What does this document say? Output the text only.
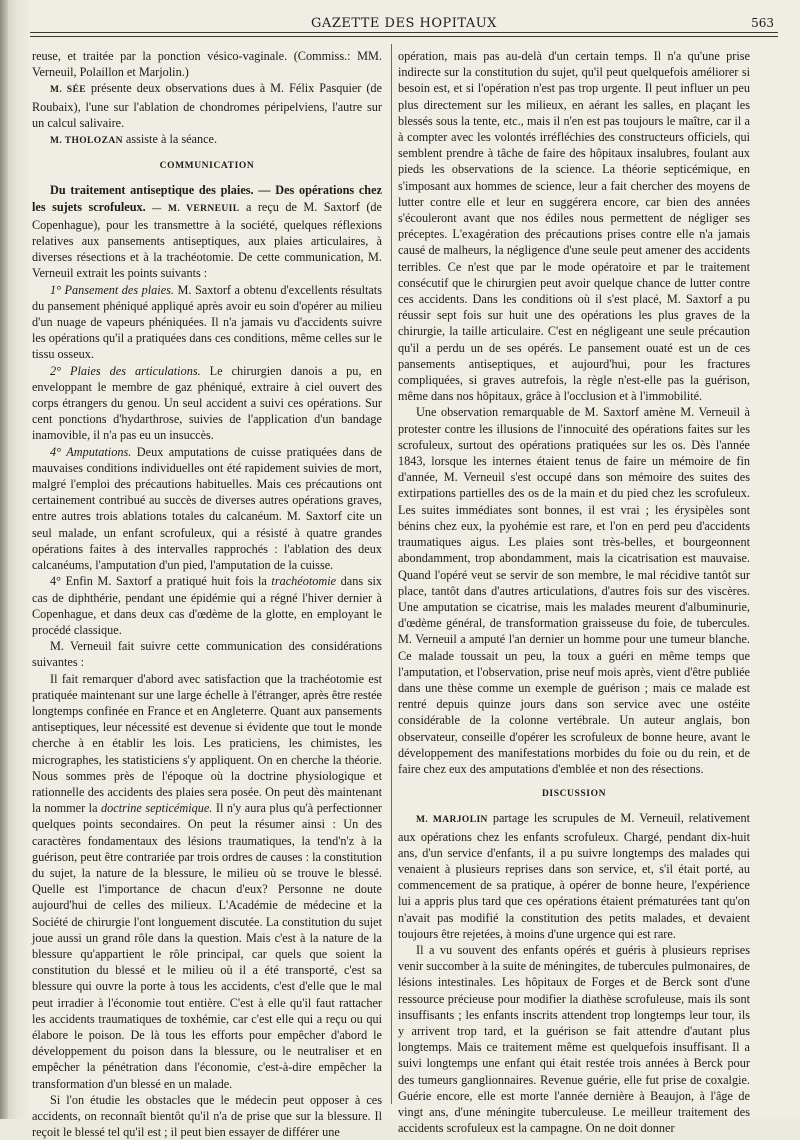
GAZETTE DES HOPITAUX	563

reuse, et traitée par la ponction vésico-vaginale. (Commiss.: MM. Verneuil, Polaillon et Marjolin.)

M. SÉE présente deux observations dues à M. Félix Pasquier (de Roubaix), l'une sur l'ablation de chondromes péripelviens, l'autre sur un calcul salivaire.

M. THOLOZAN assiste à la séance.

COMMUNICATION

Du traitement antiseptique des plaies. — Des opérations chez les sujets scrofuleux. — M. VERNEUIL a reçu de M. Saxtorf (de Copenhague), pour les transmettre à la société, quelques réflexions relatives aux pansements antiseptiques, aux plaies articulaires, à diverses résections et à la trachéotomie. De cette communication, M. Verneuil extrait les points suivants :

1° Pansement des plaies. M. Saxtorf a obtenu d'excellents résultats du pansement phéniqué appliqué après avoir eu soin d'opérer au milieu d'un nuage de vapeurs phéniquées. Il n'a jamais vu d'accidents suivre les opérations qu'il a pratiquées dans ces conditions, même celles sur le tissu osseux.

2° Plaies des articulations. Le chirurgien danois a pu, en enveloppant le membre de gaz phéniqué, extraire à ciel ouvert des corps étrangers du genou. Un seul accident a suivi ces opérations. Sur cent ponctions d'hydarthrose, suivies de l'application d'un bandage inamovible, il n'a pas eu un insuccès.

4° Amputations. Deux amputations de cuisse pratiquées dans de mauvaises conditions individuelles ont été rapidement suivies de mort, malgré l'emploi des précautions habituelles. Mais ces précautions ont certainement contribué au succès de diverses autres opérations graves, entre autres trois ablations totales du calcanéum. M. Saxtorf cite un seul malade, un enfant scrofuleux, qui a résisté à quatre grandes opérations faites à des intervalles rapprochés : l'ablation des deux calcanéums, l'amputation d'un pied, l'amputation de la cuisse.

4° Enfin M. Saxtorf a pratiqué huit fois la trachéotomie dans six cas de diphthérie, pendant une épidémie qui a régné l'hiver dernier à Copenhague, et dans deux cas d'œdème de la glotte, en employant le procédé classique.

M. Verneuil fait suivre cette communication des considérations suivantes :

Il fait remarquer d'abord avec satisfaction que la trachéotomie est pratiquée maintenant sur une large échelle à l'étranger, après être restée longtemps confinée en France et en Angleterre. Quant aux pansements antiseptiques, leur nécessité est devenue si évidente que tout le monde cherche à en établir les lois. Les praticiens, les chimistes, les micrographes, les statisticiens s'y appliquent. On en cherche la théorie. Nous sommes près de l'époque où la doctrine physiologique et rationnelle des accidents des plaies sera posée. On peut dès maintenant la nommer la doctrine septicémique. Il n'y aura plus qu'à perfectionner quelques points secondaires. On peut la résumer ainsi : Un des caractères fondamentaux des lésions traumatiques, la tend'n'z à la guérison, peut être contrariée par trois ordres de causes : la constitution du sujet, la nature de la blessure, le milieu où se trouve le blessé. Quelle est l'importance de chacun d'eux? Personne ne doute aujourd'hui de celles des milieux. L'Académie de médecine et la Société de chirurgie l'ont longuement discutée. La constitution du sujet joue aussi un grand rôle dans la question. Mais c'est à la nature de la blessure qu'appartient le rôle principal, car quels que soient la constitution du blessé et le milieu où il a été transporté, c'est sa blessure qui ouvre la porte à tous les accidents, c'est d'elle que le mal peut irradier à l'économie tout entière. C'est à elle qu'il faut rattacher les accidents traumatiques de toxhémie, car c'est elle qui a reçu ou qui élabore le poison. De là tous les efforts pour empêcher d'abord le développement du poison dans la blessure, ou le neutraliser et en empêcher la pénétration dans l'économie, c'est-à-dire empêcher la transformation d'un blessé en un malade.

Si l'on étudie les obstacles que le médecin peut opposer à ces accidents, on reconnaît bientôt qu'il n'a de prise que sur la blessure. Il reçoit le blessé tel qu'il est ; il peut bien essayer de différer une

opération, mais pas au-delà d'un certain temps. Il n'a qu'une prise indirecte sur la constitution du sujet, qu'il peut quelquefois améliorer si besoin est, et si l'opération n'est pas trop urgente. Il peut influer un peu plus directement sur les milieux, en aérant les salles, en plaçant les blessés sous la tente, etc., mais il n'en est pas toujours le maître, car il a à compter avec les volontés irréfléchies des constructeurs officiels, qui semblent prendre à tâche de faire des hôpitaux insalubres, foulant aux pieds les observations de la science. La théorie septicémique, en s'imposant aux hommes de science, leur a fait chercher des moyens de lutter contre elle et leur en suggérera encore, car bien des années s'écouleront avant que nos édiles nous permettent de négliger ses préceptes. L'exagération des précautions prises contre elle n'a jamais causé de malheurs, la négligence d'une seule peut amener des accidents terribles. Ce n'est que par le mode opératoire et par le traitement consécutif que le chirurgien peut avoir quelque chance de lutter contre ces accidents. Dans les conditions où il s'est placé, M. Saxtorf a pu réussir sept fois sur huit une des opérations les plus graves de la chirurgie, la taille articulaire. C'est en négligeant une seule précaution qu'il a perdu un de ses opérés. Le pansement ouaté est un de ces pansements antiseptiques, et aujourd'hui, pour les fractures compliquées, si graves autrefois, la règle n'est-elle pas la guérison, même dans nos hôpitaux, grâce à l'occlusion et à l'immobilité.

Une observation remarquable de M. Saxtorf amène M. Verneuil à protester contre les illusions de l'innocuité des opérations faites sur les scrofuleux, surtout des opérations pratiquées sur les os. Dès l'année 1843, lorsque les internes étaient tenus de faire un mémoire de fin d'année, M. Verneuil s'est occupé dans son mémoire des suites des extirpations partielles des os de la main et du pied chez les scrofuleux. Les suites immédiates sont bonnes, il est vrai ; les érysipèles sont bénins chez eux, la pyohémie est rare, et l'on en perd peu d'accidents traumatiques aigus. Les plaies sont très-belles, et bourgeonnent abondamment, trop abondamment, mais la cicatrisation est mauvaise. Quand l'opéré veut se servir de son membre, le mal récidive tantôt sur place, tantôt dans d'autres articulations, d'autres fois sur des viscères. Une amputation se cicatrise, mais les malades meurent d'albuminurie, d'œdème général, de transformation graisseuse du foie, de tubercules. M. Verneuil a amputé l'an dernier un homme pour une tumeur blanche. Ce malade toussait un peu, la toux a guéri en même temps que l'amputation, et l'observation, prise neuf mois après, vient d'être publiée dans une thèse comme un exemple de guérison ; mais ce malade est rentré depuis quinze jours dans son service avec une ostéite considérable de la colonne vertébrale. Un auteur anglais, bon observateur, conseille d'opérer les scrofuleux de bonne heure, avant le développement des manifestations morbides du foie ou du rein, et de faire chez eux des amputations d'emblée et non des résections.

DISCUSSION

M. MARJOLIN partage les scrupules de M. Verneuil, relativement aux opérations chez les enfants scrofuleux. Chargé, pendant dix-huit ans, d'un service d'enfants, il a pu suivre longtemps des malades qui venaient à plusieurs reprises dans son service, et, s'il était porté, au commencement de sa pratique, à opérer de bonne heure, l'expérience lui a appris plus tard que ces opérations étaient prématurées tant qu'on n'avait pas modifié la constitution des petits malades, et devaient toujours être rejetées, à moins d'une urgence qui est rare.

Il a vu souvent des enfants opérés et guéris à plusieurs reprises venir succomber à la suite de méningites, de tubercules pulmonaires, de lésions intestinales. Les hôpitaux de Forges et de Berck sont d'une ressource précieuse pour modifier la diathèse scrofuleuse, mais ils sont insuffisants ; les enfants inscrits attendent trop longtemps leur tour, ils y arrivent trop tard, et la guérison se fait attendre d'autant plus longtemps. Mais ce traitement même est quelquefois insuffisant. Il a suivi longtemps une enfant qui était restée trois années à Berck pour des tumeurs ganglionnaires. Revenue guérie, elle fut prise de coxalgie. Guérie encore, elle est morte l'année dernière à Beaujon, à l'âge de vingt ans, d'une méningite tuberculeuse. Le meilleur traitement des accidents scrofuleux est la campagne. On ne doit donner
